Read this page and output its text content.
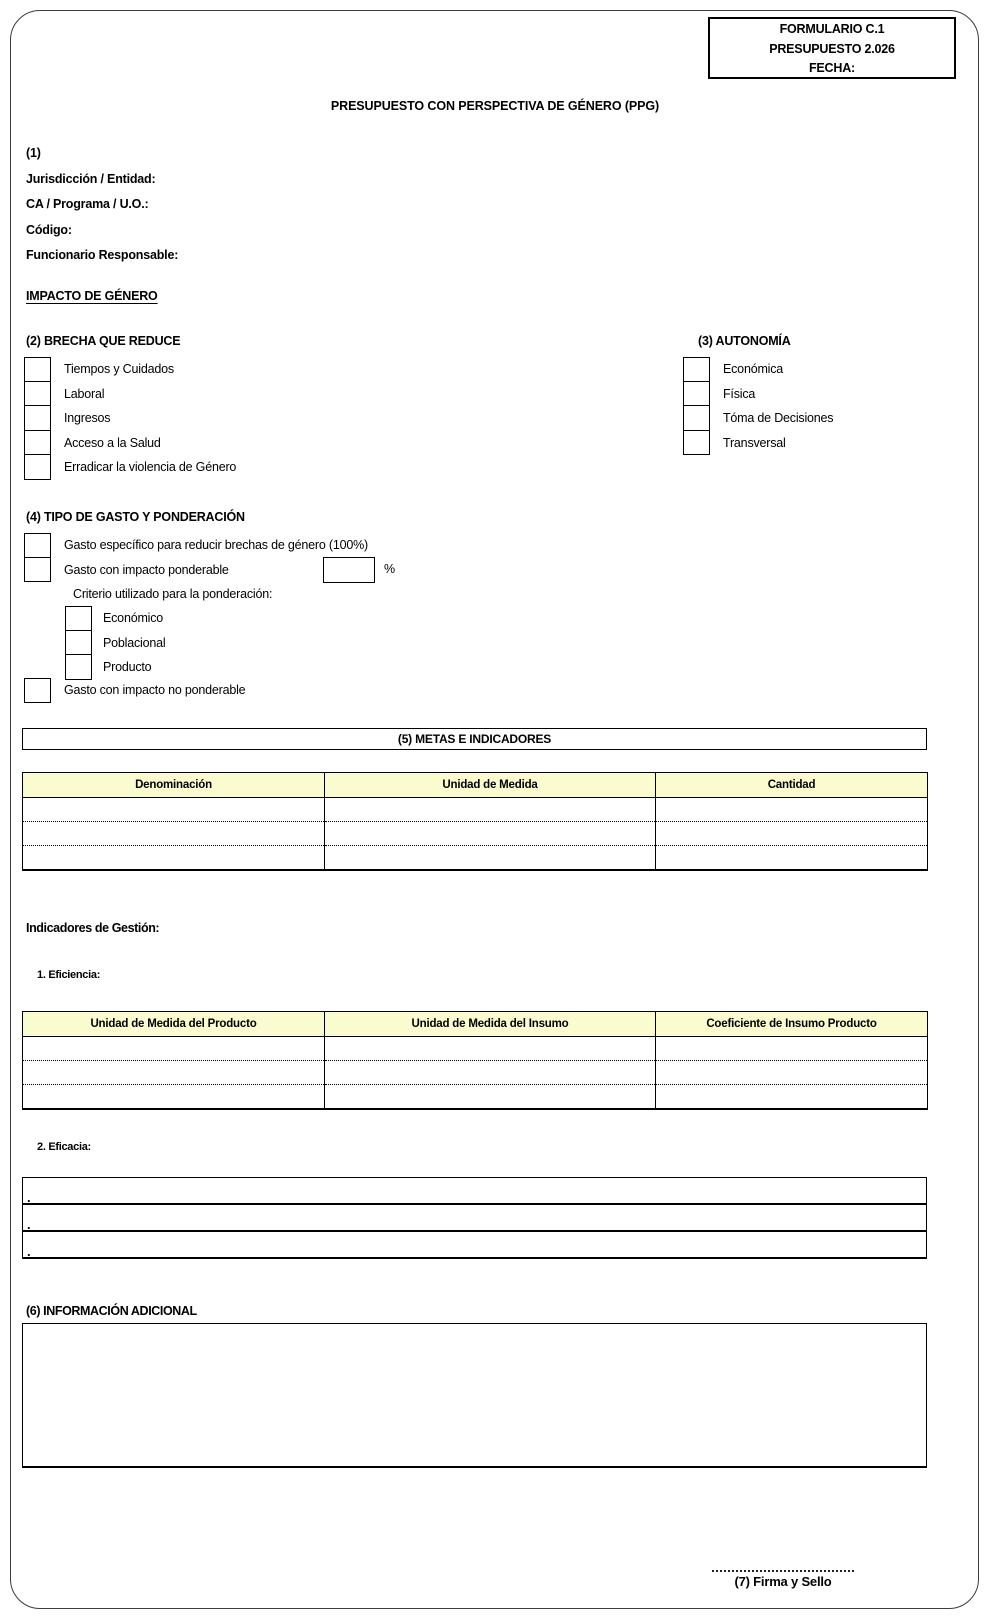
FORMULARIO C.1
PRESUPUESTO 2.026
FECHA:
PRESUPUESTO CON PERSPECTIVA DE GÉNERO (PPG)
(1)
Jurisdicción / Entidad:
CA / Programa / U.O.:
Código:
Funcionario Responsable:
IMPACTO DE GÉNERO
(2) BRECHA QUE REDUCE
Tiempos y Cuidados
Laboral
Ingresos
Acceso a la Salud
Erradicar la violencia de Género
(3) AUTONOMÍA
Económica
Física
Tóma de Decisiones
Transversal
(4) TIPO DE GASTO Y PONDERACIÓN
Gasto específico para reducir brechas de género (100%)
Gasto con impacto ponderable	%
Criterio utilizado para la ponderación:
Económico
Poblacional
Producto
Gasto con impacto no ponderable
(5) METAS E INDICADORES
Denominación	Unidad de Medida	Cantidad

Indicadores de Gestión:
1. Eficiencia:
Unidad de Medida del Producto	Unidad de Medida del Insumo	Coeficiente de Insumo Producto

2. Eficacia:
.
.
.
(6) INFORMACIÓN ADICIONAL
(7) Firma y Sello
